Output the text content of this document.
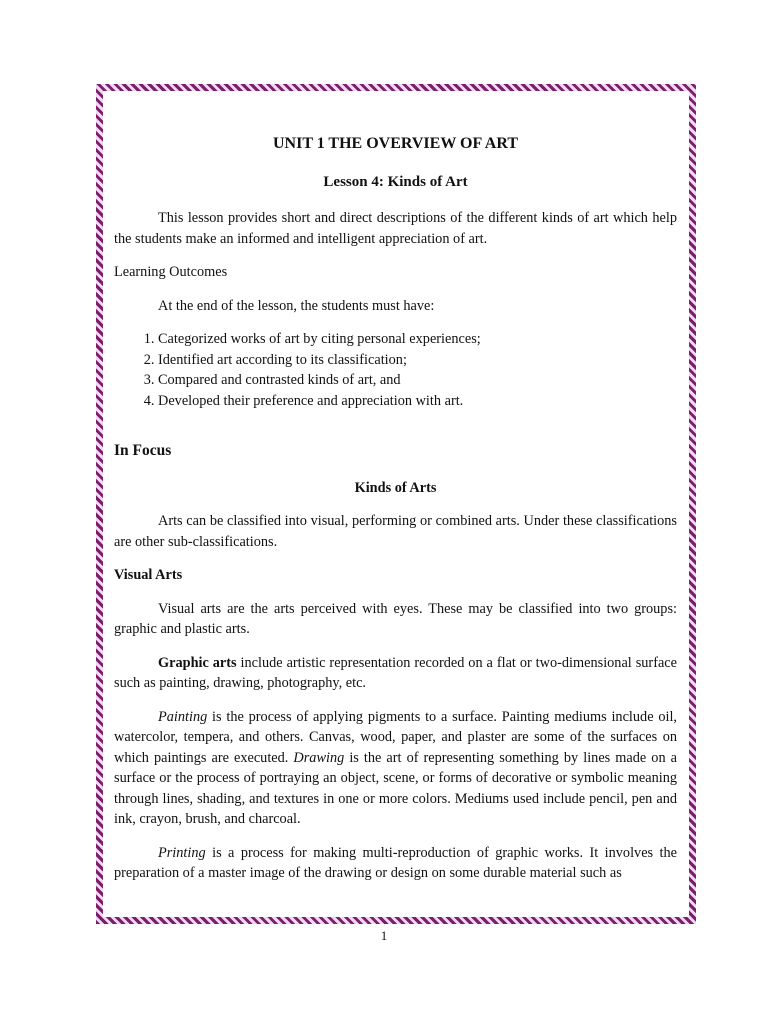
UNIT 1 THE OVERVIEW OF ART

Lesson 4: Kinds of Art

This lesson provides short and direct descriptions of the different kinds of art which help the students make an informed and intelligent appreciation of art.

Learning Outcomes

At the end of the lesson, the students must have:

1. Categorized works of art by citing personal experiences;
2. Identified art according to its classification;
3. Compared and contrasted kinds of art, and
4. Developed their preference and appreciation with art.

In Focus

Kinds of Arts

Arts can be classified into visual, performing or combined arts. Under these classifications are other sub-classifications.

Visual Arts

Visual arts are the arts perceived with eyes. These may be classified into two groups: graphic and plastic arts.

Graphic arts include artistic representation recorded on a flat or two-dimensional surface such as painting, drawing, photography, etc.

Painting is the process of applying pigments to a surface. Painting mediums include oil, watercolor, tempera, and others. Canvas, wood, paper, and plaster are some of the surfaces on which paintings are executed. Drawing is the art of representing something by lines made on a surface or the process of portraying an object, scene, or forms of decorative or symbolic meaning through lines, shading, and textures in one or more colors. Mediums used include pencil, pen and ink, crayon, brush, and charcoal.

Printing is a process for making multi-reproduction of graphic works. It involves the preparation of a master image of the drawing or design on some durable material such as

1
